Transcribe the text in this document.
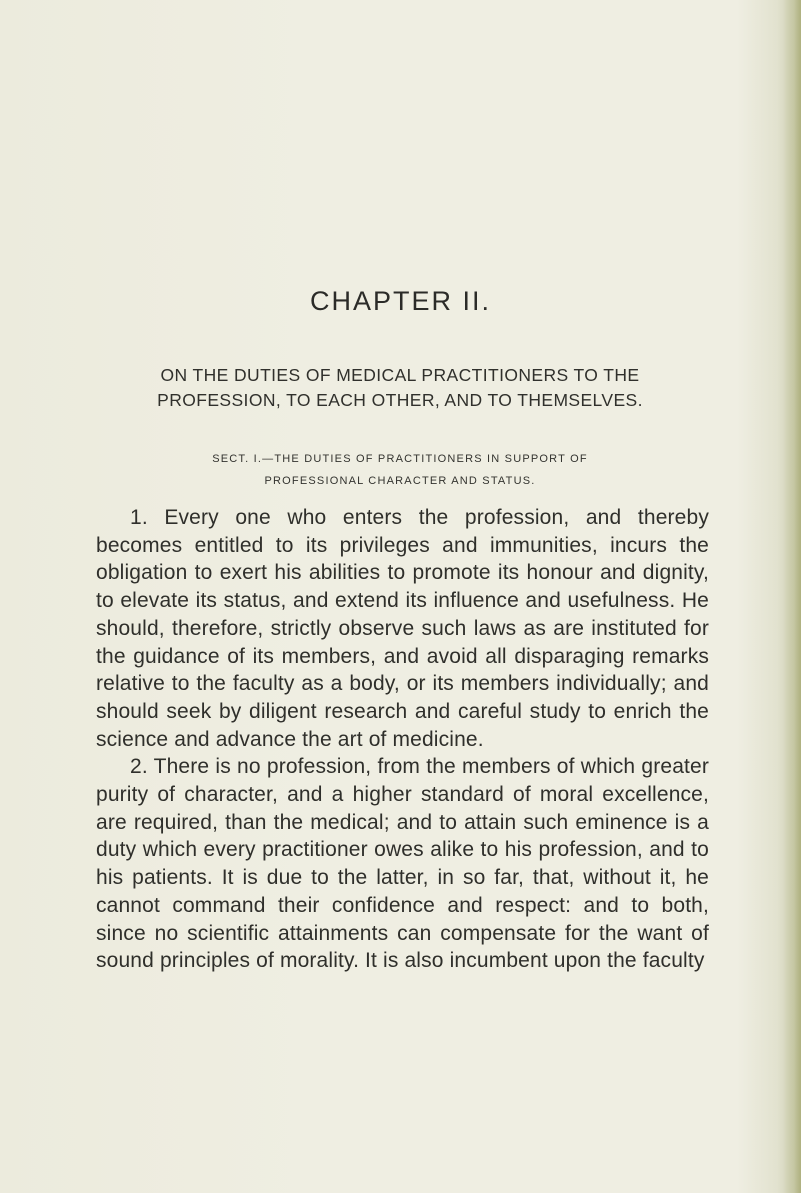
CHAPTER II.
ON THE DUTIES OF MEDICAL PRACTITIONERS TO THE
PROFESSION, TO EACH OTHER, AND TO THEMSELVES.
SECT. I.—THE DUTIES OF PRACTITIONERS IN SUPPORT OF
PROFESSIONAL CHARACTER AND STATUS.

1. Every one who enters the profession, and thereby becomes entitled to its privileges and immunities, incurs the obligation to exert his abilities to promote its honour and dignity, to elevate its status, and extend its influence and usefulness. He should, therefore, strictly observe such laws as are instituted for the guidance of its members, and avoid all disparaging remarks relative to the faculty as a body, or its members individually; and should seek by diligent research and careful study to enrich the science and advance the art of medicine.

2. There is no profession, from the members of which greater purity of character, and a higher standard of moral excellence, are required, than the medical; and to attain such eminence is a duty which every practitioner owes alike to his profession, and to his patients. It is due to the latter, in so far, that, without it, he cannot command their confidence and respect: and to both, since no scientific attainments can compensate for the want of sound principles of morality. It is also incumbent upon the faculty
